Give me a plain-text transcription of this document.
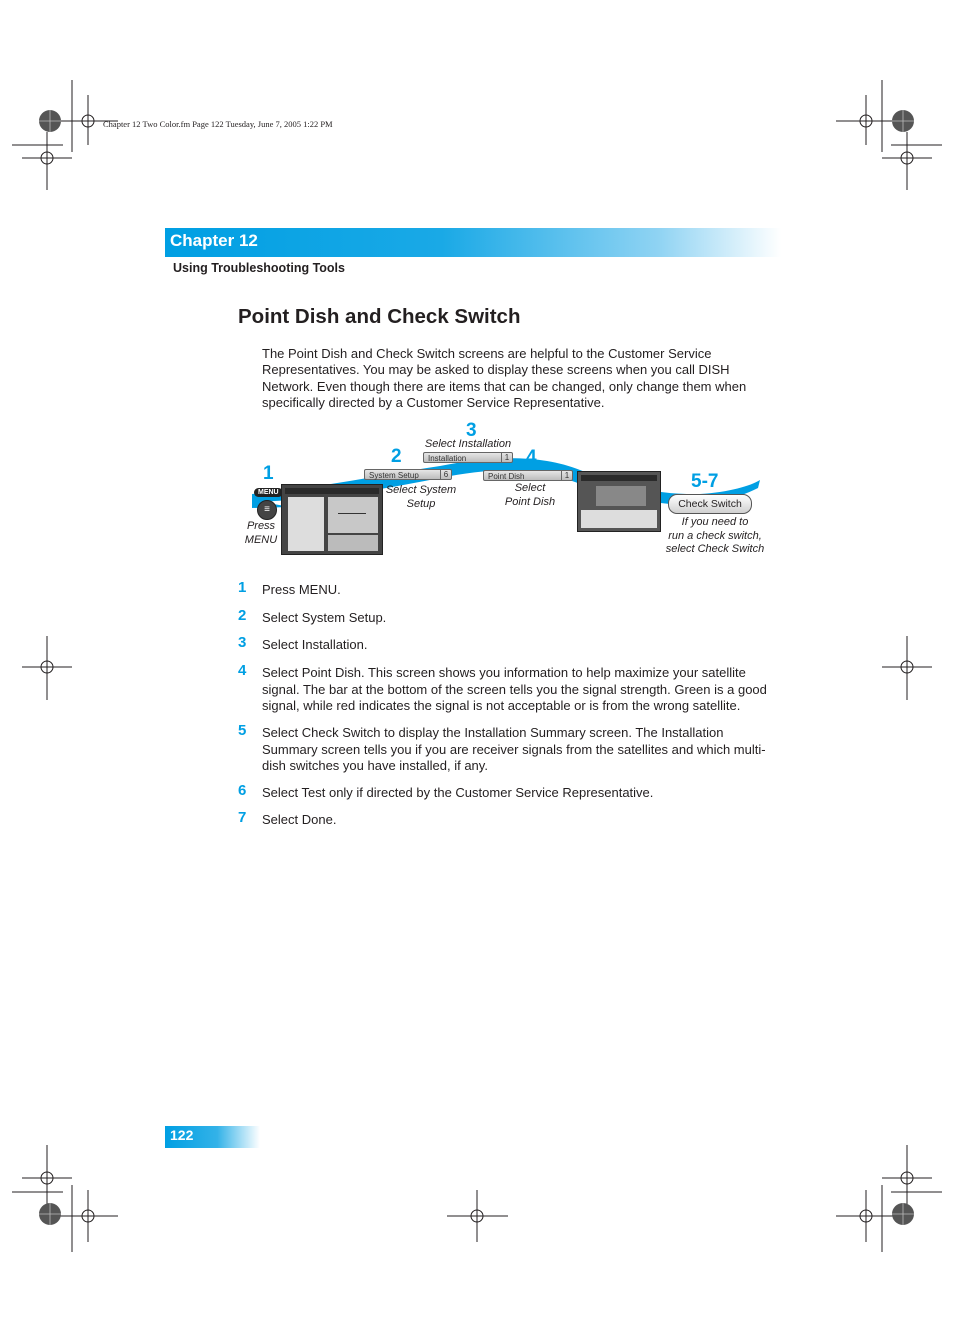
Chapter 12 Two Color.fm Page 122 Tuesday, June 7, 2005 1:22 PM
Chapter 12
Using Troubleshooting Tools
Point Dish and Check Switch
The Point Dish and Check Switch screens are helpful to the Customer Service Representatives. You may be asked to display these screens when you call DISH Network. Even though there are items that can be changed, only change them when specifically directed by a Customer Service Representative.
1
2
3
4
5-7
MENU
≡
System Setup	6
Installation	1
Point Dish	1
Check Switch
Press
MENU
Select System
Setup
Select Installation
Select
Point Dish
If you need to
run a check switch,
select Check Switch
1 Press MENU.
2 Select System Setup.
3 Select Installation.
4 Select Point Dish. This screen shows you information to help maximize your satellite signal. The bar at the bottom of the screen tells you the signal strength. Green is a good signal, while red indicates the signal is not acceptable or is from the wrong satellite.
5 Select Check Switch to display the Installation Summary screen. The Installation Summary screen tells you if you are receiver signals from the satellites and which multi-dish switches you have installed, if any.
6 Select Test only if directed by the Customer Service Representative.
7 Select Done.
122
